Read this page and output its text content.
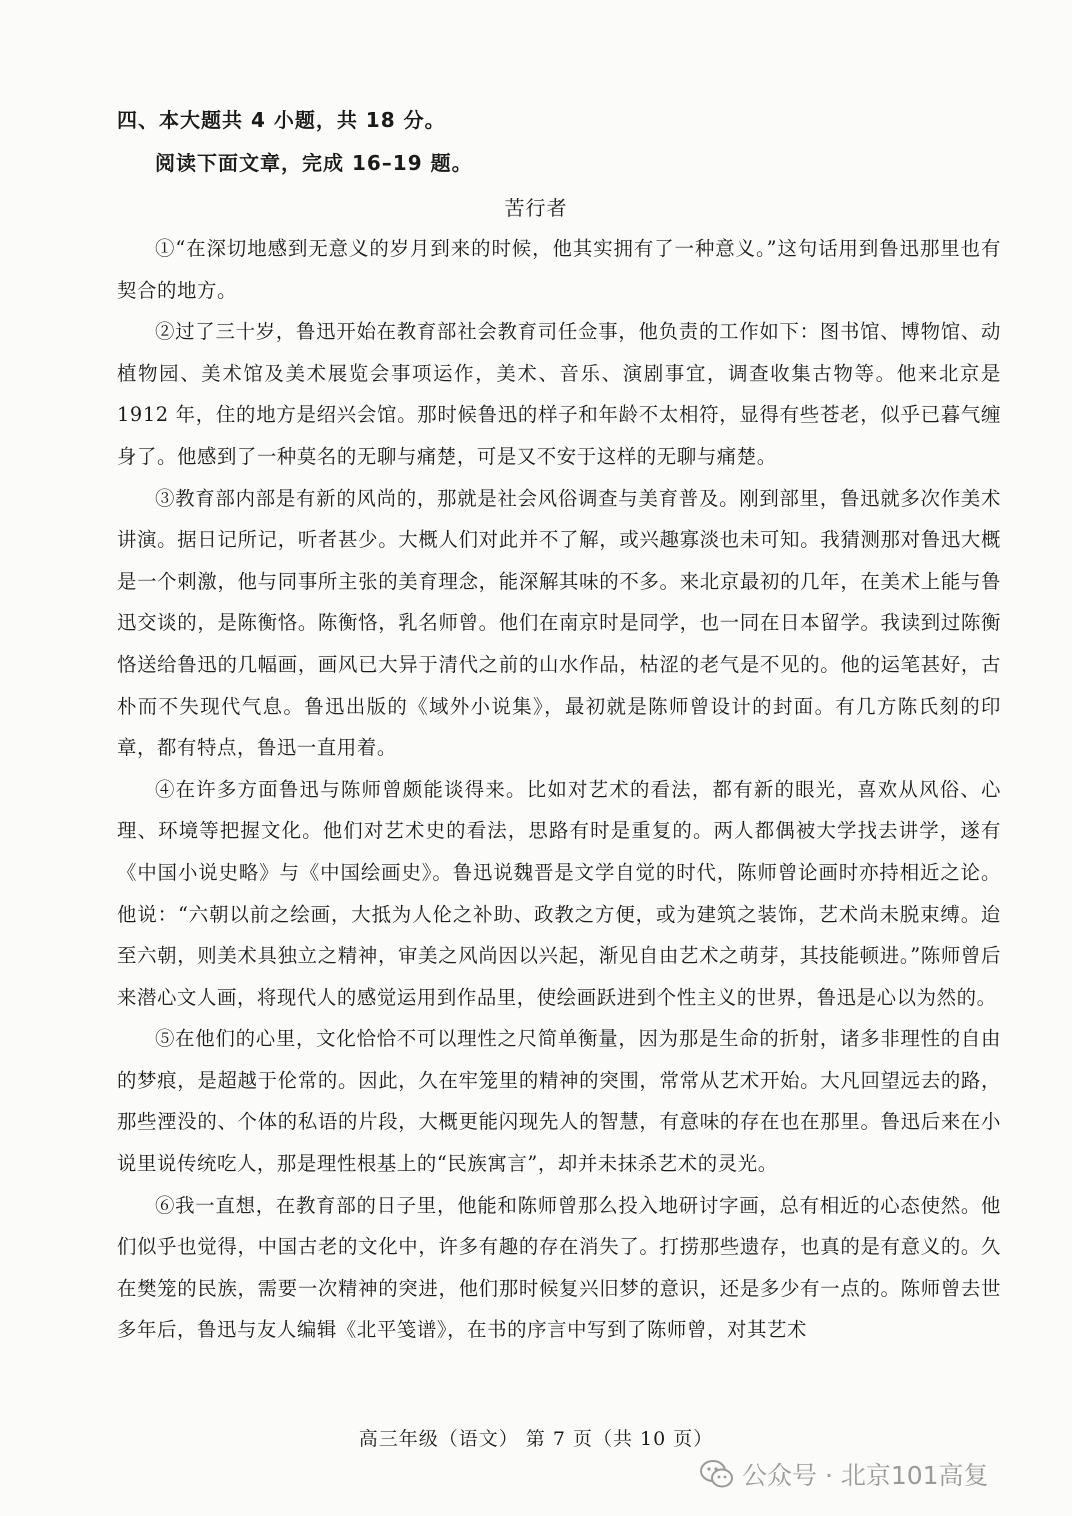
四、本大题共 4 小题，共 18 分。
阅读下面文章，完成 16–19 题。
苦行者

①“在深切地感到无意义的岁月到来的时候，他其实拥有了一种意义。”这句话用到鲁迅那里也有契合的地方。

②过了三十岁，鲁迅开始在教育部社会教育司任佥事，他负责的工作如下：图书馆、博物馆、动植物园、美术馆及美术展览会事项运作，美术、音乐、演剧事宜，调查收集古物等。他来北京是 1912 年，住的地方是绍兴会馆。那时候鲁迅的样子和年龄不太相符，显得有些苍老，似乎已暮气缠身了。他感到了一种莫名的无聊与痛楚，可是又不安于这样的无聊与痛楚。

③教育部内部是有新的风尚的，那就是社会风俗调查与美育普及。刚到部里，鲁迅就多次作美术讲演。据日记所记，听者甚少。大概人们对此并不了解，或兴趣寡淡也未可知。我猜测那对鲁迅大概是一个刺激，他与同事所主张的美育理念，能深解其味的不多。来北京最初的几年，在美术上能与鲁迅交谈的，是陈衡恪。陈衡恪，乳名师曾。他们在南京时是同学，也一同在日本留学。我读到过陈衡恪送给鲁迅的几幅画，画风已大异于清代之前的山水作品，枯涩的老气是不见的。他的运笔甚好，古朴而不失现代气息。鲁迅出版的《域外小说集》，最初就是陈师曾设计的封面。有几方陈氏刻的印章，都有特点，鲁迅一直用着。

④在许多方面鲁迅与陈师曾颇能谈得来。比如对艺术的看法，都有新的眼光，喜欢从风俗、心理、环境等把握文化。他们对艺术史的看法，思路有时是重复的。两人都偶被大学找去讲学，遂有《中国小说史略》与《中国绘画史》。鲁迅说魏晋是文学自觉的时代，陈师曾论画时亦持相近之论。他说：“六朝以前之绘画，大抵为人伦之补助、政教之方便，或为建筑之装饰，艺术尚未脱束缚。迨至六朝，则美术具独立之精神，审美之风尚因以兴起，渐见自由艺术之萌芽，其技能顿进。”陈师曾后来潜心文人画，将现代人的感觉运用到作品里，使绘画跃进到个性主义的世界，鲁迅是心以为然的。

⑤在他们的心里，文化恰恰不可以理性之尺简单衡量，因为那是生命的折射，诸多非理性的自由的梦痕，是超越于伦常的。因此，久在牢笼里的精神的突围，常常从艺术开始。大凡回望远去的路，那些湮没的、个体的私语的片段，大概更能闪现先人的智慧，有意味的存在也在那里。鲁迅后来在小说里说传统吃人，那是理性根基上的“民族寓言”，却并未抹杀艺术的灵光。

⑥我一直想，在教育部的日子里，他能和陈师曾那么投入地研讨字画，总有相近的心态使然。他们似乎也觉得，中国古老的文化中，许多有趣的存在消失了。打捞那些遗存，也真的是有意义的。久在樊笼的民族，需要一次精神的突进，他们那时候复兴旧梦的意识，还是多少有一点的。陈师曾去世多年后，鲁迅与友人编辑《北平笺谱》，在书的序言中写到了陈师曾，对其艺术

高三年级（语文） 第 7 页（共 10 页）
公众号 · 北京101高复
